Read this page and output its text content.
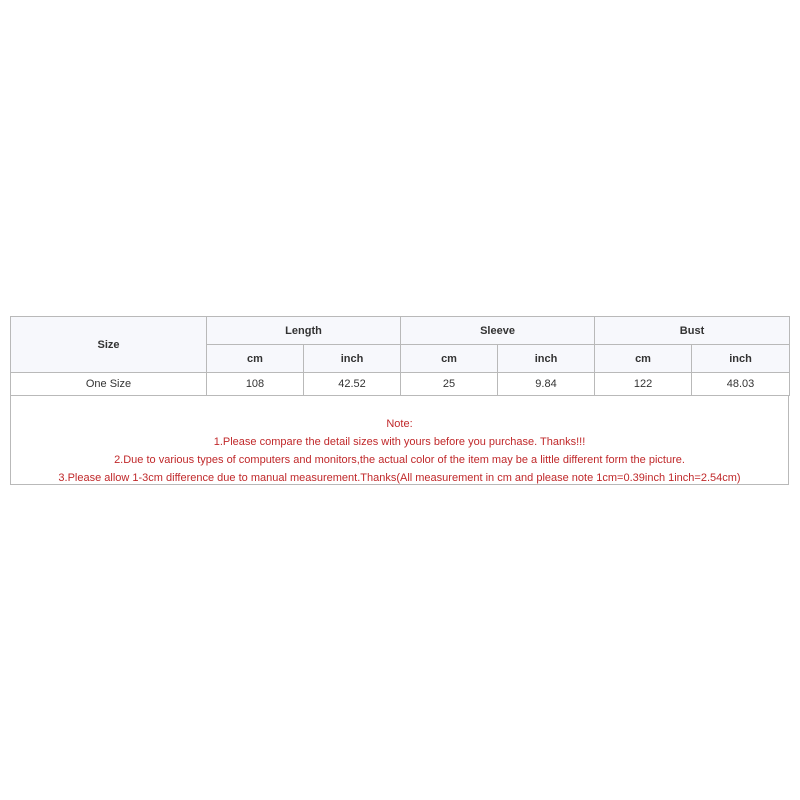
Size	Length		Sleeve		Bust	
	cm	inch	cm	inch	cm	inch
One Size	108	42.52	25	9.84	122	48.03
Note:
1.Please compare the detail sizes with yours before you purchase. Thanks!!!
2.Due to various types of computers and monitors,the actual color of the item may be a little different form the picture.
3.Please allow 1-3cm difference due to manual measurement.Thanks(All measurement in cm and please note 1cm=0.39inch 1inch=2.54cm)
